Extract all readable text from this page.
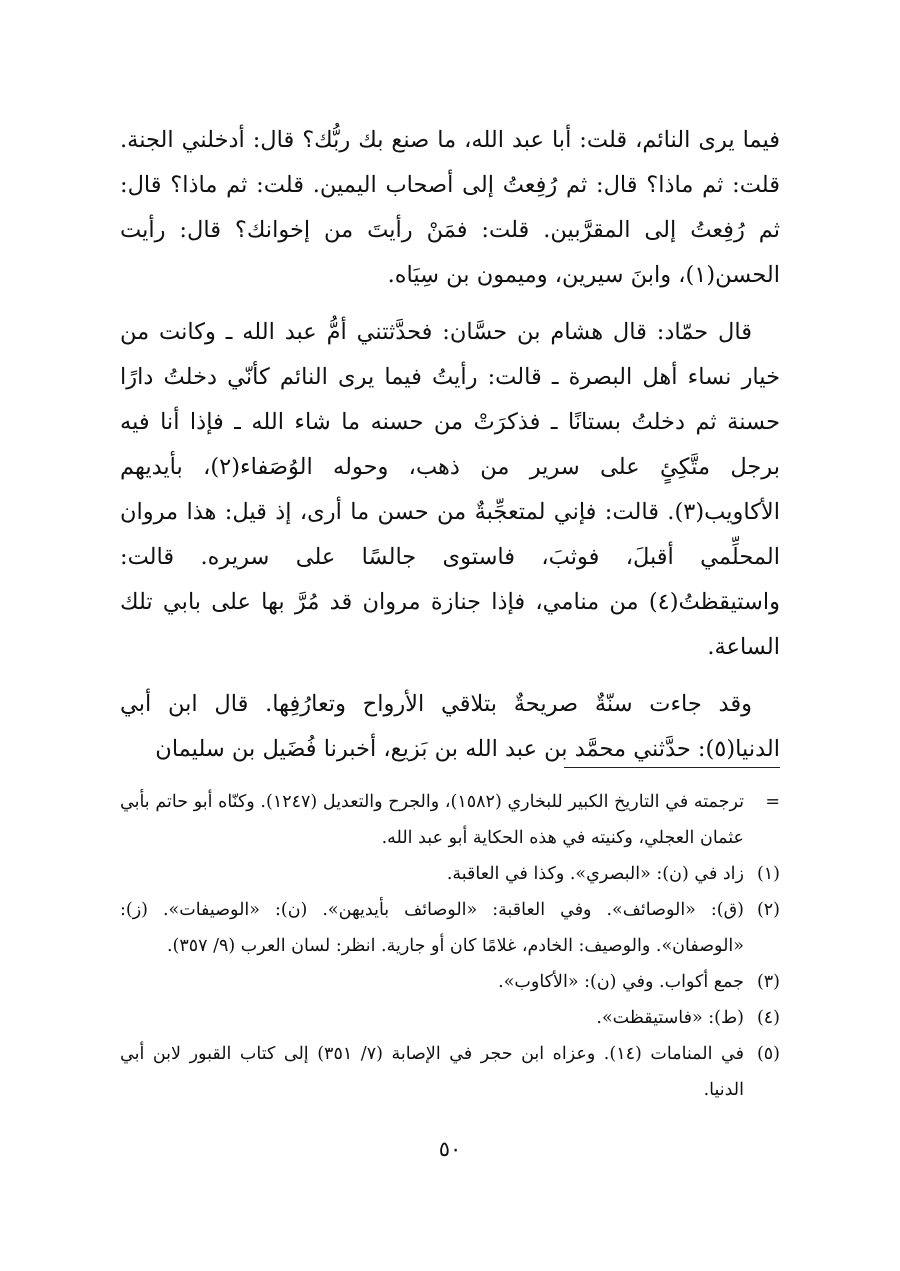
فيما يرى النائم، قلت: أبا عبد الله، ما صنع بك ربُّك؟ قال: أدخلني الجنة. قلت: ثم ماذا؟ قال: ثم رُفِعتُ إلى أصحاب اليمين. قلت: ثم ماذا؟ قال: ثم رُفِعتُ إلى المقرَّبين. قلت: فمَنْ رأيتَ من إخوانك؟ قال: رأيت الحسن(١)، وابنَ سيرين، وميمون بن سِيَاه.

قال حمّاد: قال هشام بن حسَّان: فحدَّثتني أمُّ عبد الله ـ وكانت من خيار نساء أهل البصرة ـ قالت: رأيتُ فيما يرى النائم كأنّي دخلتُ دارًا حسنة ثم دخلتُ بستانًا ـ فذكرَتْ من حسنه ما شاء الله ـ فإذا أنا فيه برجل متَّكِئٍ على سرير من ذهب، وحوله الوُصَفاء(٢)، بأيديهم الأكاويب(٣). قالت: فإني لمتعجِّبةٌ من حسن ما أرى، إذ قيل: هذا مروان المحلِّمي أقبلَ، فوثبَ، فاستوى جالسًا على سريره. قالت: واستيقظتُ(٤) من منامي، فإذا جنازة مروان قد مُرَّ بها على بابي تلك الساعة.

وقد جاءت سنّةٌ صريحةٌ بتلاقي الأرواح وتعارُفِها. قال ابن أبي الدنيا(٥): حدَّثني محمَّد بن عبد الله بن بَزيع، أخبرنا فُضَيل بن سليمان

=
ترجمته في التاريخ الكبير للبخاري (١٥٨٢)، والجرح والتعديل (١٢٤٧). وكنّاه أبو حاتم بأبي عثمان العجلي، وكنيته في هذه الحكاية أبو عبد الله.
(١)
زاد في (ن): «البصري». وكذا في العاقبة.
(٢)
(ق): «الوصائف». وفي العاقبة: «الوصائف بأيديهن». (ن): «الوصيفات». (ز): «الوصفان». والوصيف: الخادم، غلامًا كان أو جارية. انظر: لسان العرب (٩/ ٣٥٧).
(٣)
جمع أكواب. وفي (ن): «الأكاوب».
(٤)
(ط): «فاستيقظت».
(٥)
في المنامات (١٤). وعزاه ابن حجر في الإصابة (٧/ ٣٥١) إلى كتاب القبور لابن أبي الدنيا.
٥٠
